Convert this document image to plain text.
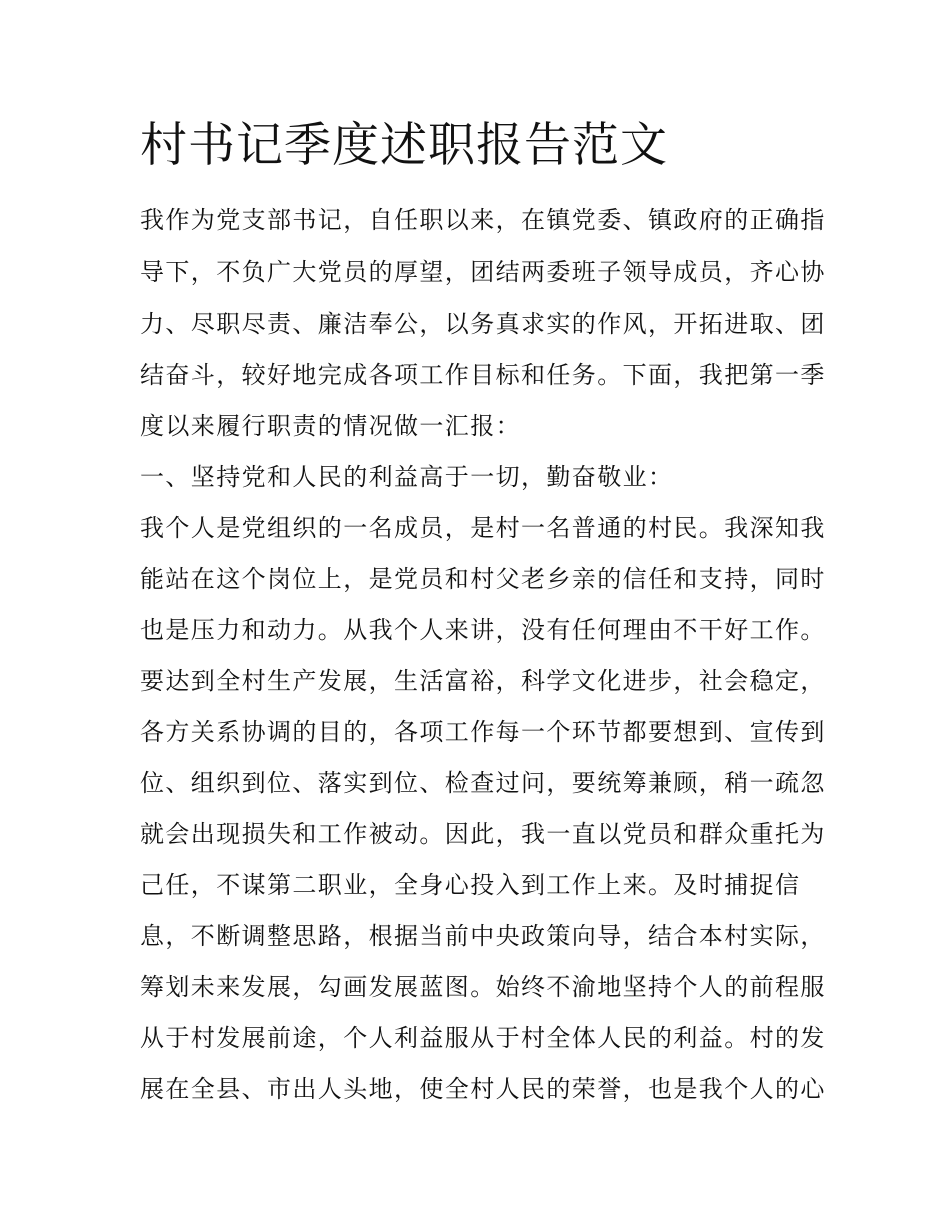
村书记季度述职报告范文

我作为党支部书记，自任职以来，在镇党委、镇政府的正确指

导下，不负广大党员的厚望，团结两委班子领导成员，齐心协

力、尽职尽责、廉洁奉公，以务真求实的作风，开拓进取、团

结奋斗，较好地完成各项工作目标和任务。下面，我把第一季

度以来履行职责的情况做一汇报：

一、坚持党和人民的利益高于一切，勤奋敬业：

我个人是党组织的一名成员，是村一名普通的村民。我深知我

能站在这个岗位上，是党员和村父老乡亲的信任和支持，同时

也是压力和动力。从我个人来讲，没有任何理由不干好工作。

要达到全村生产发展，生活富裕，科学文化进步，社会稳定，

各方关系协调的目的，各项工作每一个环节都要想到、宣传到

位、组织到位、落实到位、检查过问，要统筹兼顾，稍一疏忽

就会出现损失和工作被动。因此，我一直以党员和群众重托为

己任，不谋第二职业，全身心投入到工作上来。及时捕捉信

息，不断调整思路，根据当前中央政策向导，结合本村实际，

筹划未来发展，勾画发展蓝图。始终不渝地坚持个人的前程服

从于村发展前途，个人利益服从于村全体人民的利益。村的发

展在全县、市出人头地，使全村人民的荣誉，也是我个人的心
